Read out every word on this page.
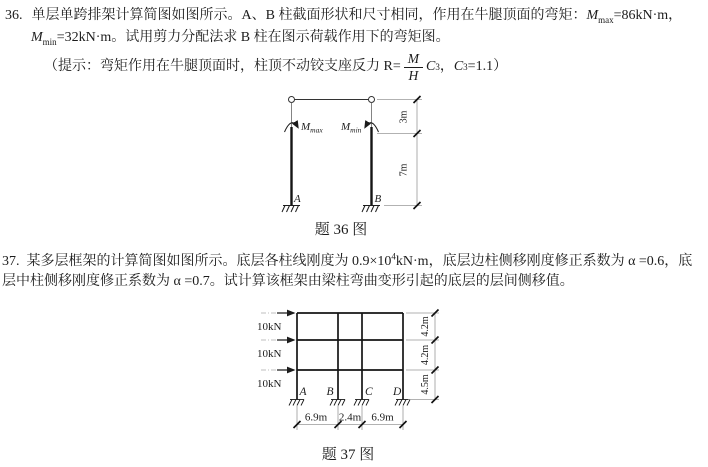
36. 单层单跨排架计算简图如图所示。A、B 柱截面形状和尺寸相同，作用在牛腿顶面的弯矩：$M_{max}=86kN\cdot m$，
$M_{min}=32kN\cdot m$。试用剪力分配法求 B 柱在图示荷载作用下的弯矩图。
（提示：弯矩作用在牛腿顶面时，柱顶不动铰支座反力 $R= \frac{M}{H}$ C 3 ， C 3 =1.1）
$M_{max}$ $M_{min}$
A	B
3m
7m
题 36 图
37. 某多层框架的计算简图如图所示。底层各柱线刚度为 $0.9\times 10^4kN\cdot m$，底层边柱侧移刚度修正系数为 α =0.6，底
层中柱侧移刚度修正系数为 α =0.7。试计算该框架由梁柱弯曲变形引起的底层的层间侧移值。
10kN
10kN
10kN
A B	C D
4.2m
4.2m
4.5m
6.9m 2.4m 6.9m
题 37 图
